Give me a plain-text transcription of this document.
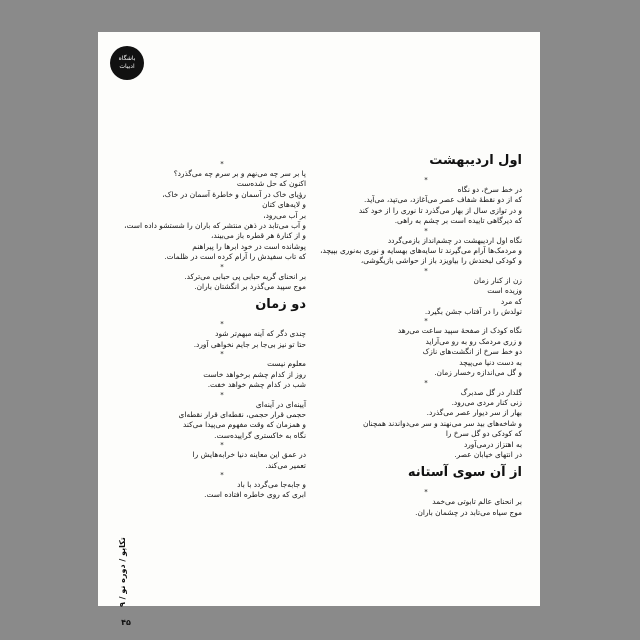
باشگاه
ادبیات
اول اردیبهشت
*
در خط سرخ، دو نگاه
که از دو نقطهٔ شفاف عصر می‌آغازد، می‌تپد، می‌آید.
و در توازی سال از بهار می‌گذرد تا نوری را از خود کند
که دیرگاهی تاییده است بر چشم به راهی.
*
نگاه اول اردیبهشت در چشم‌انداز بازمی‌گردد
و مردمک‌ها آرام می‌گیرند تا سایه‌های بهسایه و نوری به‌نوری بپیچد،
و کودکی لبخندش را بیاویزد باز از حواشی بازیگوشی،
*
زن از کنار زمان
وزیده است
که مرد
تولدش را در آفتاب جشن بگیرد.
*
نگاه کودک از صفحهٔ سپید ساعت می‌رهد
و زری مردمک رو به رو می‌آراید
دو خط سرخ از انگشت‌های نازک
به دست دنیا می‌پیچد
و گل می‌اندازه رخسار زمان.
*
گلدار در گل صدبرگ
زنی کنار مردی می‌رود.
بهار از سر دیوار عصر می‌گذرد.
و شاخه‌های بید سر می‌نهند و سر می‌دواندند همچنان
که کودکی دو گل سرخ را
به اهتزاز درمی‌آورد
در انتهای خیابان عصر.
از آن سوی آستانه
*
بر انحنای عالم تابوتی می‌خمد
موج سیاه می‌تابد در چشمان باران.
*
پا بر سر چه می‌نهم و بر سرم چه می‌گذرد؟
اکنون که حل شده‌ست
رؤیای خاک در آسمان و خاطرهٔ آسمان در خاک،
و لایه‌های کتان
بر آب می‌رود،
و آب می‌تابد در ذهن منتشر که باران را شستشو داده است،
و از کنارهٔ هر قطره باز می‌بیند،
پوشانده است در خود ابرها را پیراهنم
که تاب سفیدش را آرام کرده است در ظلمات.
*
بر انحنای گریه حبابی پی حبابی می‌ترکد.
موج سپید می‌گذرد بر انگشتان باران.
دو زمان
*
چندی دگر که آینه مبهم‌تر شود
حتا تو نیز بی‌جا بر جایم نخواهی آورد.
*
معلوم نیست
روز از کدام چشم برخواهد خاست
شب در کدام چشم خواهد خفت.
*
آیینه‌ای در آینه‌ای
حجمی قرار حجمی، نقطه‌ای قرار نقطه‌ای
و همزمان که وقت مفهوم می‌پیدا می‌کند
نگاه به خاکستری گراییده‌ست.
*
در عمق این معاینه دنیا خرابه‌هایش را
تعمیر می‌کند.
*
و جابه‌جا می‌گردد با باد
ابری که روی خاطره افتاده است.
تکاپو / دوره نو / ۹
۴۵
